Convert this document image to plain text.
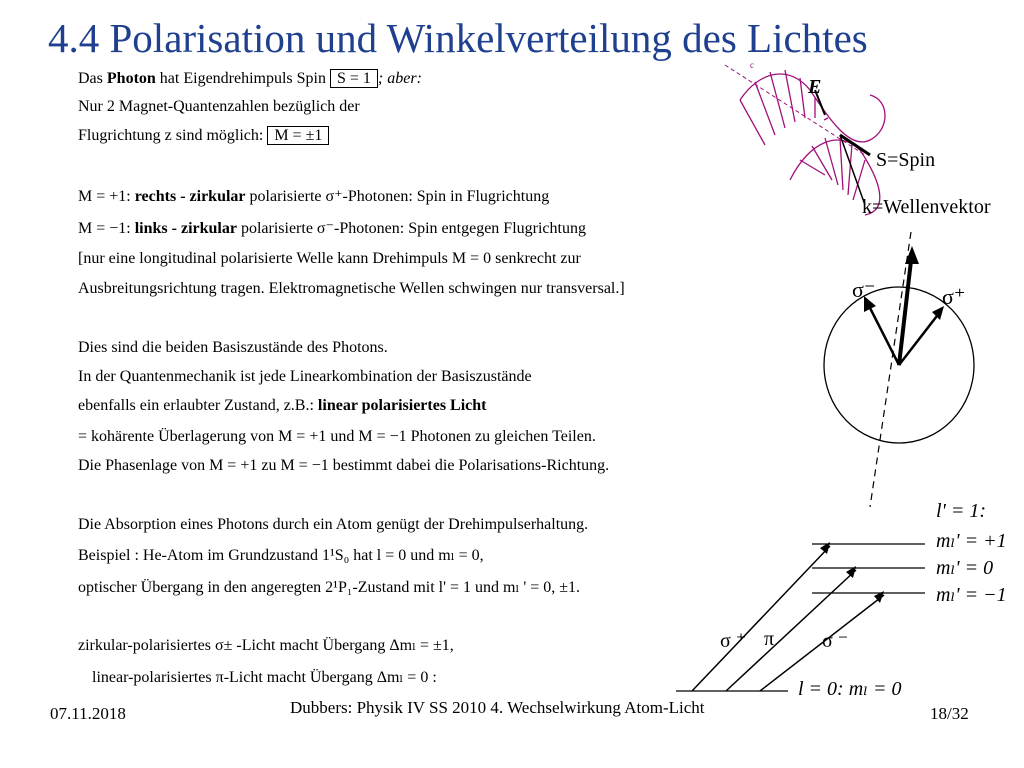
4.4 Polarisation und Winkelverteilung des Lichtes
Das Photon hat Eigendrehimpuls Spin S = 1 ; aber:
Nur 2 Magnet-Quantenzahlen bezüglich der
Flugrichtung z sind möglich: M = ±1
M = +1: rechts - zirkular polarisierte σ⁺-Photonen: Spin in Flugrichtung
M = −1: links - zirkular polarisierte σ⁻-Photonen: Spin entgegen Flugrichtung
[nur eine longitudinal polarisierte Welle kann Drehimpuls M = 0 senkrecht zur
Ausbreitungsrichtung tragen. Elektromagnetische Wellen schwingen nur transversal.]
Dies sind die beiden Basiszustände des Photons.
In der Quantenmechanik ist jede Linearkombination der Basiszustände
ebenfalls ein erlaubter Zustand, z.B.: linear polarisiertes Licht
= kohärente Überlagerung von M = +1 und M = −1 Photonen zu gleichen Teilen.
Die Phasenlage von M = +1 zu M = −1 bestimmt dabei die Polarisations-Richtung.
Die Absorption eines Photons durch ein Atom genügt der Drehimpulserhaltung.
Beispiel : He-Atom im Grundzustand 1¹S₀ hat l = 0 und mₗ = 0,
optischer Übergang in den angeregten 2¹P₁-Zustand mit l' = 1 und mₗ ' = 0, ±1.
zirkular-polarisiertes σ± -Licht macht Übergang Δmₗ = ±1,
linear-polarisiertes π-Licht macht Übergang Δmₗ = 0 :
c
E
S=Spin
k=Wellenvektor
σ⁻	σ⁺
l' = 1:
mₗ' = +1
mₗ' = 0
mₗ' = −1
l = 0: mₗ = 0
σ ⁺ π σ ⁻
07.11.2018	Dubbers: Physik IV SS 2010 4. Wechselwirkung Atom-Licht	18/32
